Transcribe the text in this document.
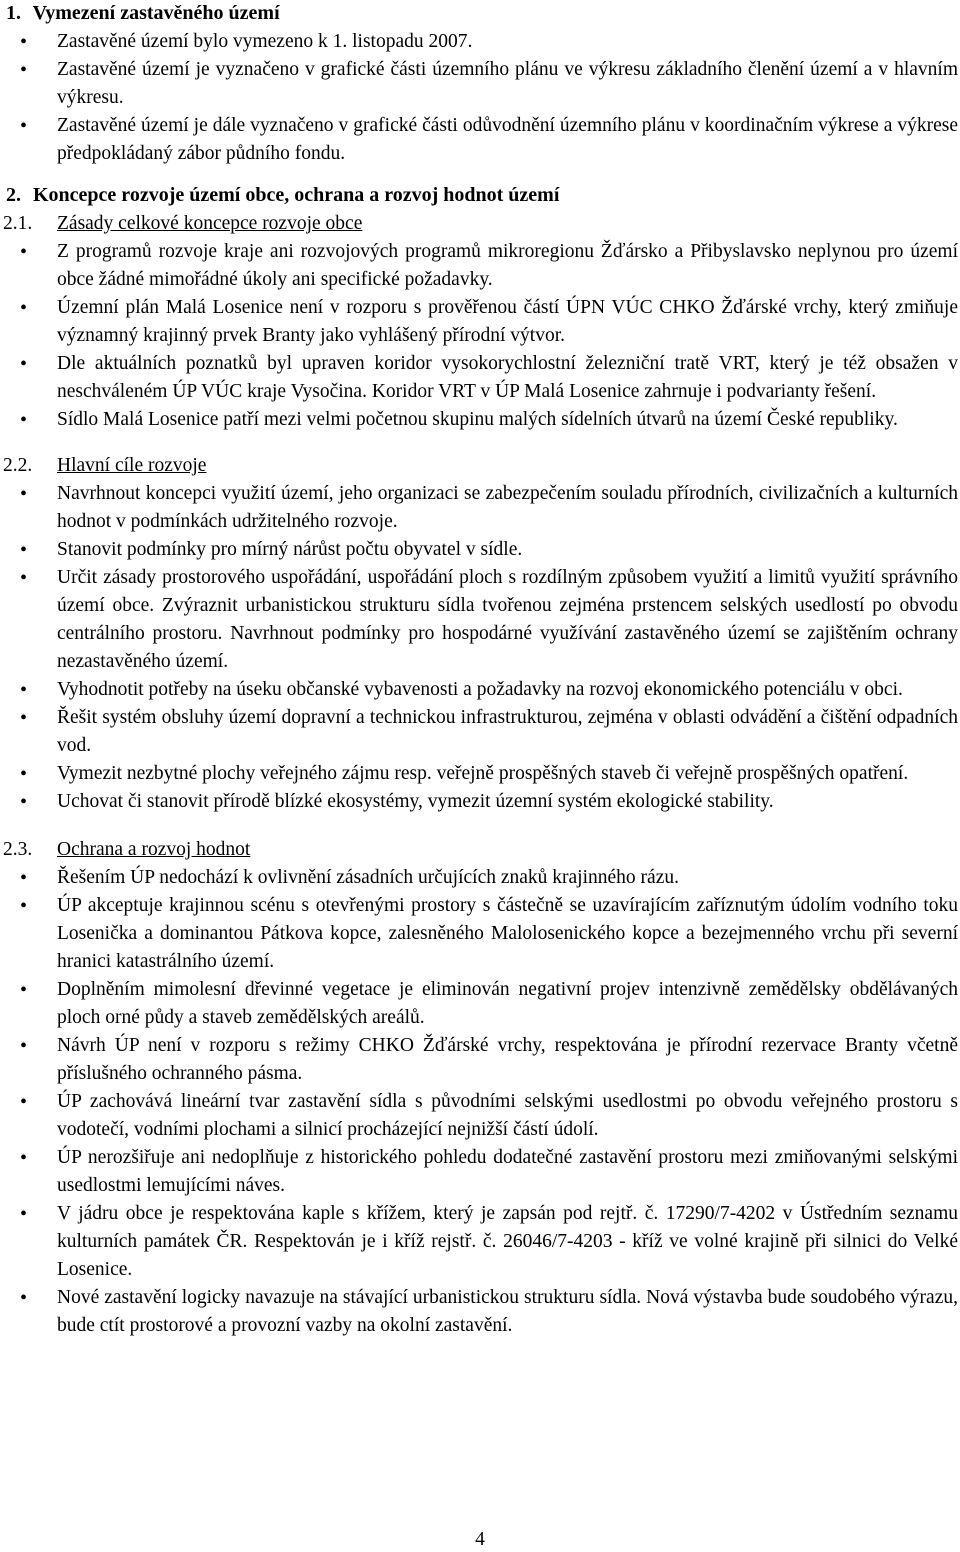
1. Vymezení zastavěného území
• Zastavěné území bylo vymezeno k 1. listopadu 2007.
• Zastavěné území je vyznačeno v grafické části územního plánu ve výkresu základního členění území a v hlavním výkresu.
• Zastavěné území je dále vyznačeno v grafické části odůvodnění územního plánu v koordinačním výkrese a výkrese předpokládaný zábor půdního fondu.
2. Koncepce rozvoje území obce, ochrana a rozvoj hodnot území
2.1. Zásady celkové koncepce rozvoje obce
• Z programů rozvoje kraje ani rozvojových programů mikroregionu Žďársko a Přibyslavsko neplynou pro území obce žádné mimořádné úkoly ani specifické požadavky.
• Územní plán Malá Losenice není v rozporu s prověřenou částí ÚPN VÚC CHKO Žďárské vrchy, který zmiňuje významný krajinný prvek Branty jako vyhlášený přírodní výtvor.
• Dle aktuálních poznatků byl upraven koridor vysokorychlostní železniční tratě VRT, který je též obsažen v neschváleném ÚP VÚC kraje Vysočina. Koridor VRT v ÚP Malá Losenice zahrnuje i podvarianty řešení.
• Sídlo Malá Losenice patří mezi velmi početnou skupinu malých sídelních útvarů na území České republiky.
2.2. Hlavní cíle rozvoje
• Navrhnout koncepci využití území, jeho organizaci se zabezpečením souladu přírodních, civilizačních a kulturních hodnot v podmínkách udržitelného rozvoje.
• Stanovit podmínky pro mírný nárůst počtu obyvatel v sídle.
• Určit zásady prostorového uspořádání, uspořádání ploch s rozdílným způsobem využití a limitů využití správního území obce. Zvýraznit urbanistickou strukturu sídla tvořenou zejména prstencem selských usedlostí po obvodu centrálního prostoru. Navrhnout podmínky pro hospodárné využívání zastavěného území se zajištěním ochrany nezastavěného území.
• Vyhodnotit potřeby na úseku občanské vybavenosti a požadavky na rozvoj ekonomického potenciálu v obci.
• Řešit systém obsluhy území dopravní a technickou infrastrukturou, zejména v oblasti odvádění a čištění odpadních vod.
• Vymezit nezbytné plochy veřejného zájmu resp. veřejně prospěšných staveb či veřejně prospěšných opatření.
• Uchovat či stanovit přírodě blízké ekosystémy, vymezit územní systém ekologické stability.
2.3. Ochrana a rozvoj hodnot
• Řešením ÚP nedochází k ovlivnění zásadních určujících znaků krajinného rázu.
• ÚP akceptuje krajinnou scénu s otevřenými prostory s částečně se uzavírajícím zaříznutým údolím vodního toku Losenička a dominantou Pátkova kopce, zalesněného Malolosenického kopce a bezejmenného vrchu při severní hranici katastrálního území.
• Doplněním mimolesní dřevinné vegetace je eliminován negativní projev intenzivně zemědělsky obdělávaných ploch orné půdy a staveb zemědělských areálů.
• Návrh ÚP není v rozporu s režimy CHKO Žďárské vrchy, respektována je přírodní rezervace Branty včetně příslušného ochranného pásma.
• ÚP zachovává lineární tvar zastavění sídla s původními selskými usedlostmi po obvodu veřejného prostoru s vodotečí, vodními plochami a silnicí procházející nejnižší částí údolí.
• ÚP nerozšiřuje ani nedoplňuje z historického pohledu dodatečné zastavění prostoru mezi zmiňovanými selskými usedlostmi lemujícími náves.
• V jádru obce je respektována kaple s křížem, který je zapsán pod rejtř. č. 17290/7-4202 v Ústředním seznamu kulturních památek ČR. Respektován je i kříž rejstř. č. 26046/7-4203 - kříž ve volné krajině při silnici do Velké Losenice.
• Nové zastavění logicky navazuje na stávající urbanistickou strukturu sídla. Nová výstavba bude soudobého výrazu, bude ctít prostorové a provozní vazby na okolní zastavění.
4
